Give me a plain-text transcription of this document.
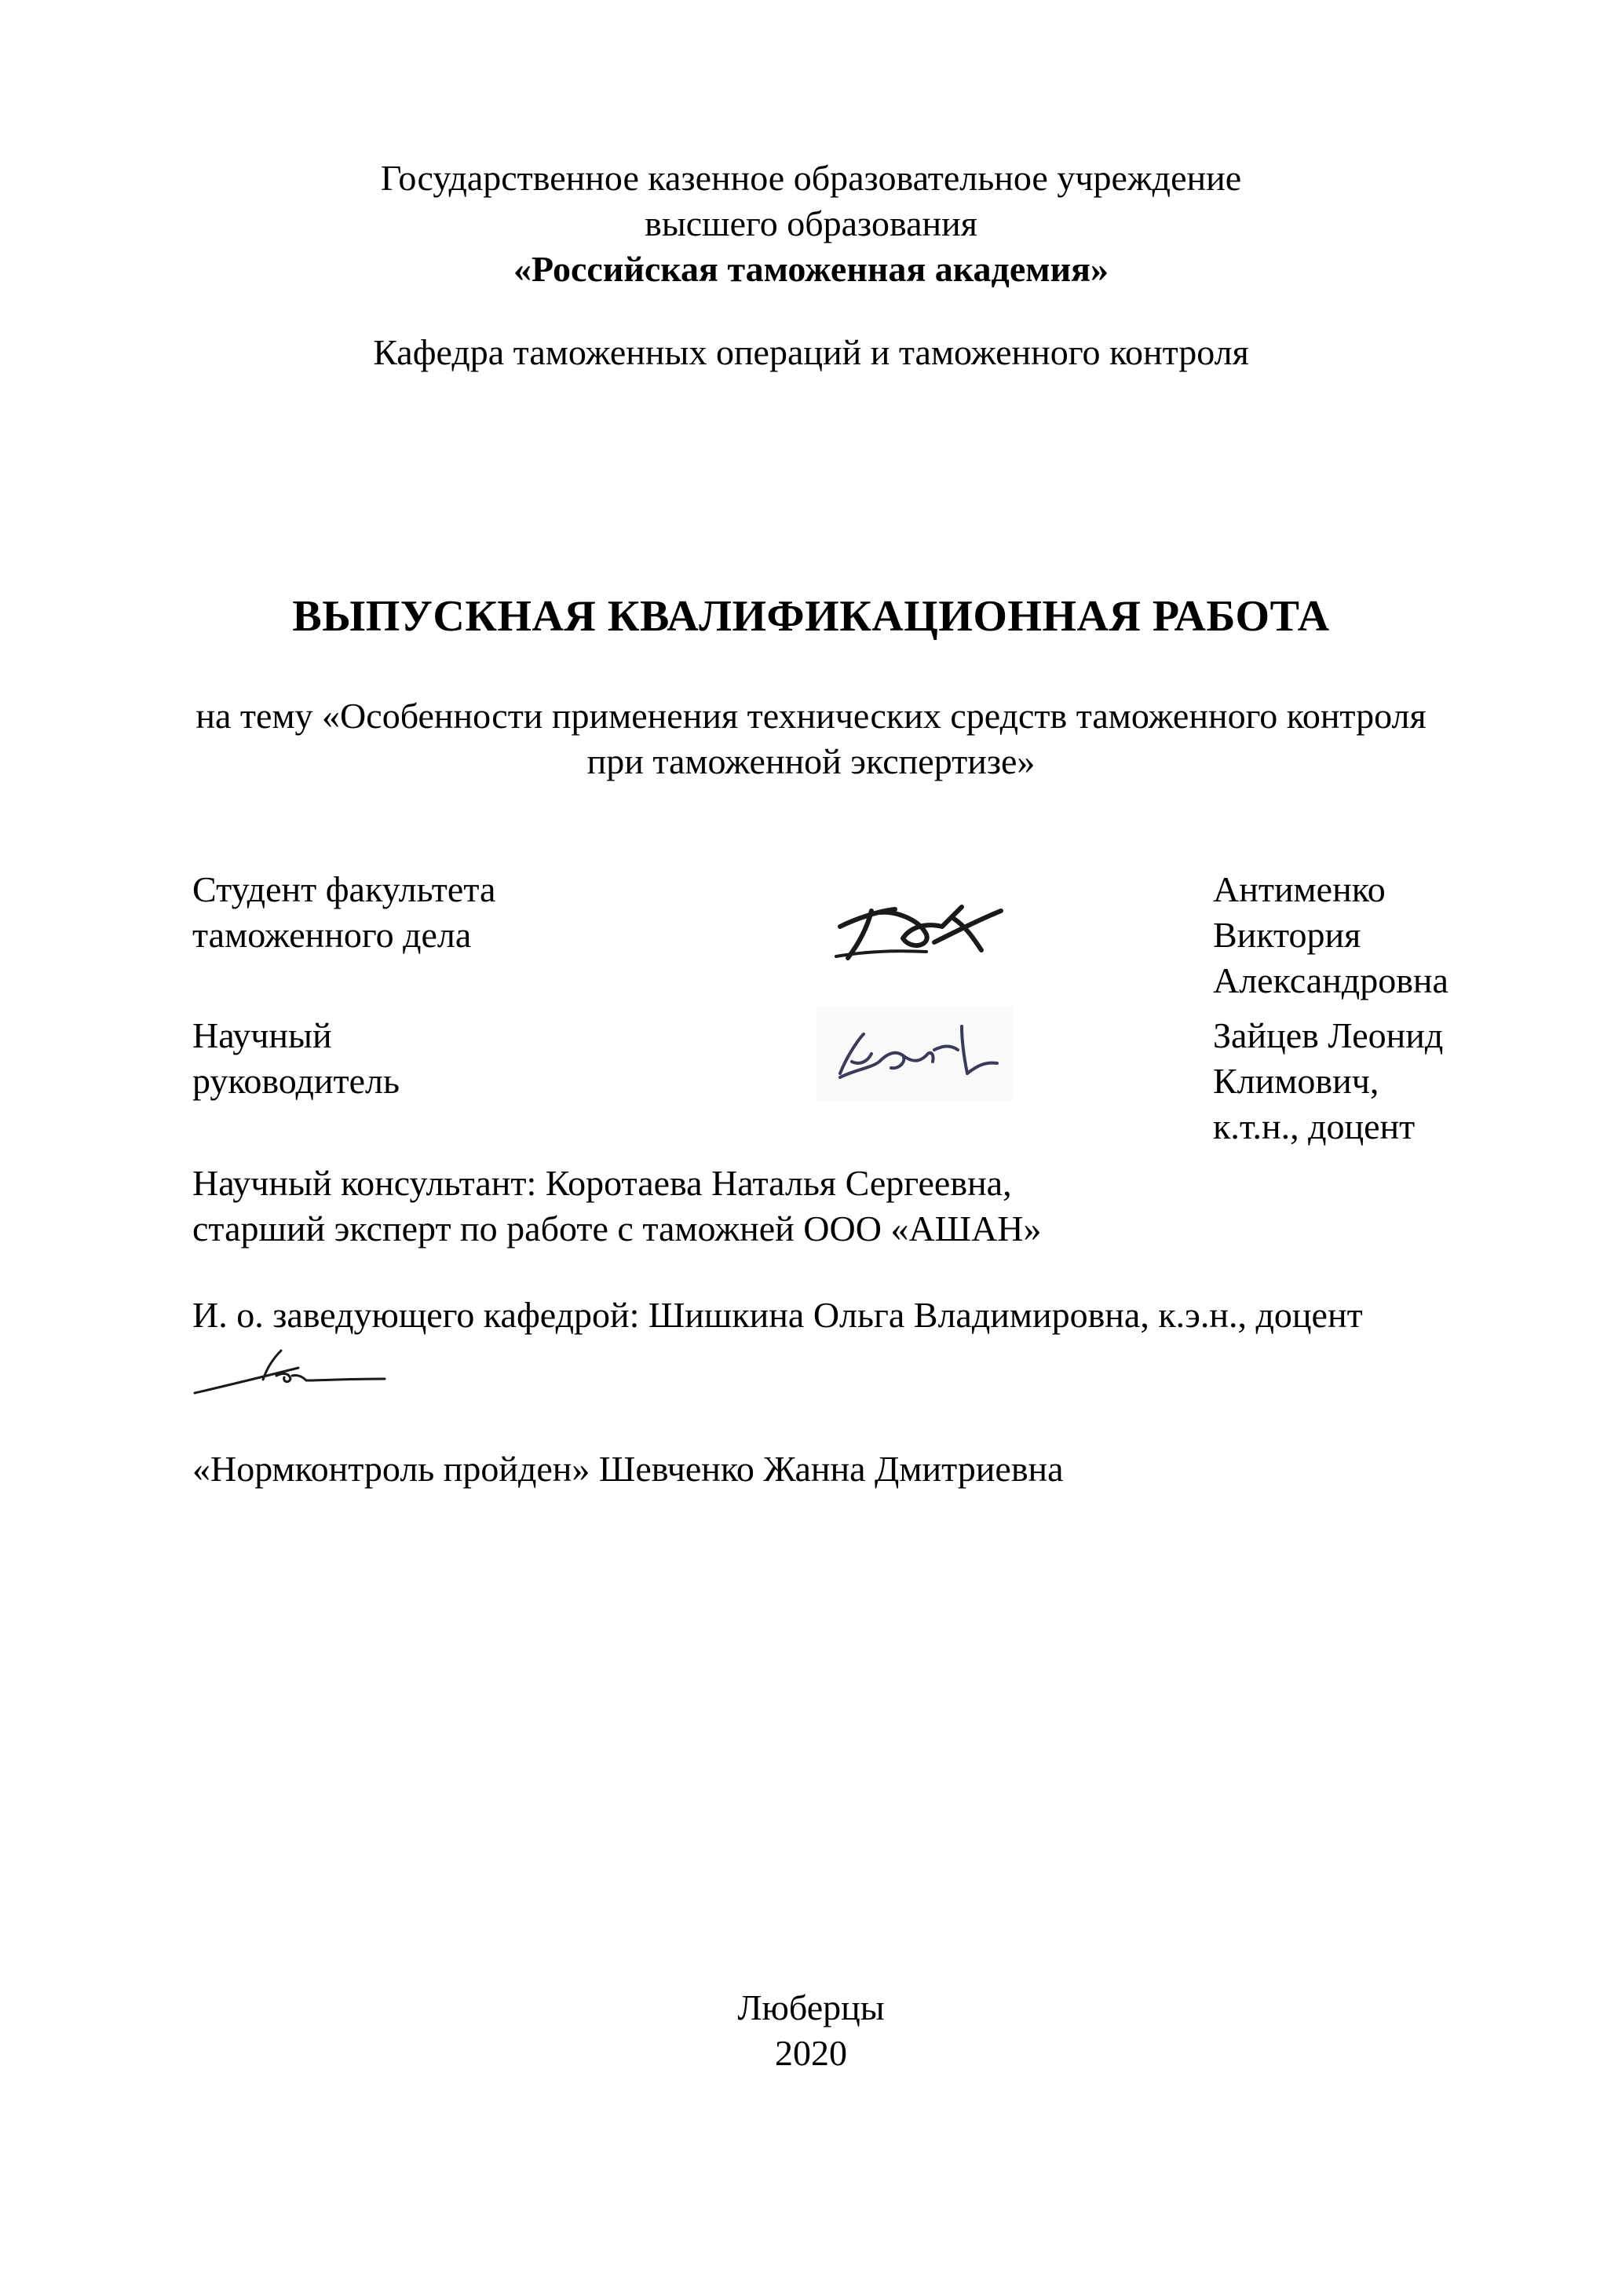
Государственное казенное образовательное учреждение
высшего образования
«Российская таможенная академия»
Кафедра таможенных операций и таможенного контроля
ВЫПУСКНАЯ КВАЛИФИКАЦИОННАЯ РАБОТА
на тему «Особенности применения технических средств таможенного контроля
при таможенной экспертизе»
Студент факультета
таможенного дела
Антименко
Виктория
Александровна
Научный
руководитель
Зайцев Леонид
Климович,
к.т.н., доцент
Научный консультант: Коротаева Наталья Сергеевна,
старший эксперт по работе с таможней ООО «АШАН»
И. о. заведующего кафедрой: Шишкина Ольга Владимировна, к.э.н., доцент
«Нормконтроль пройден» Шевченко Жанна Дмитриевна
Люберцы
2020
